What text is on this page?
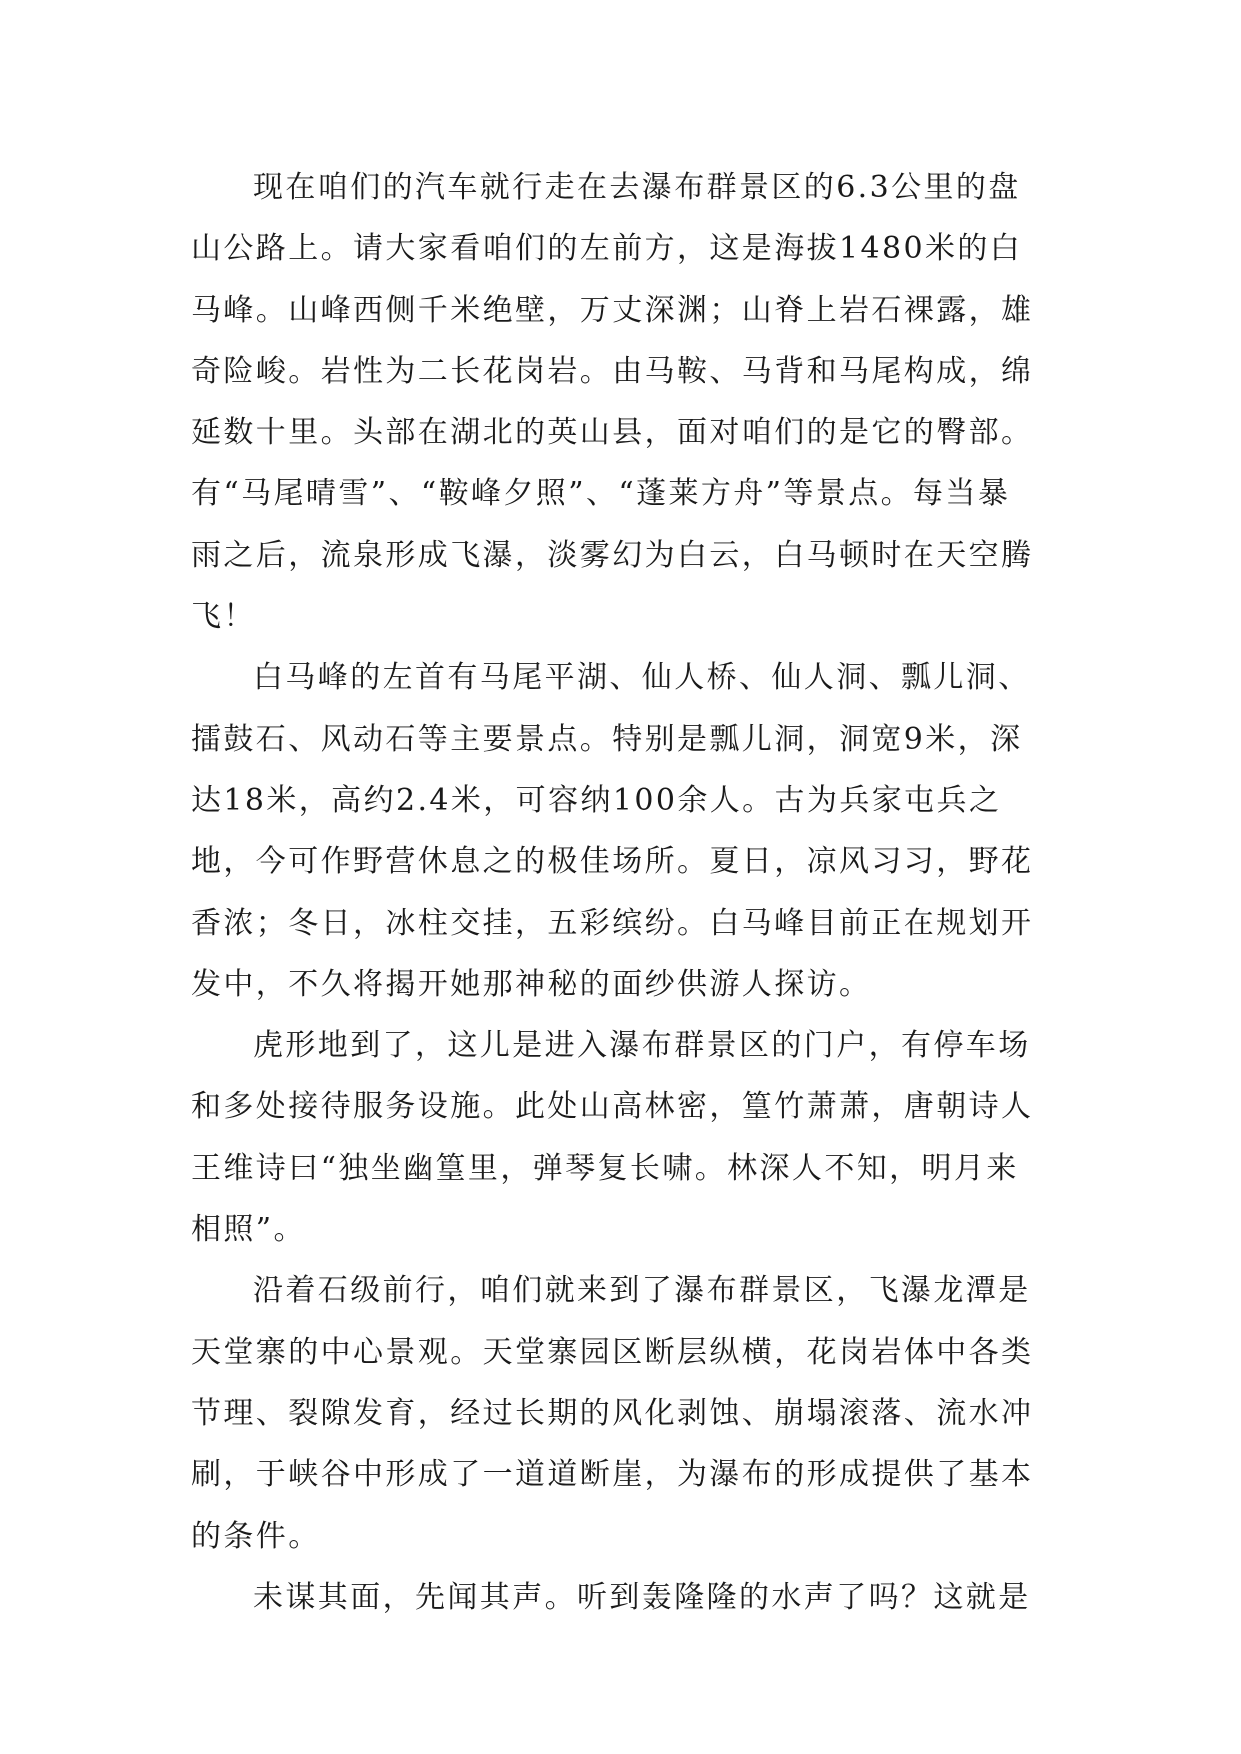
现在咱们的汽车就行走在去瀑布群景区的6.3公里的盘
山公路上。请大家看咱们的左前方，这是海拔1480米的白
马峰。山峰西侧千米绝壁，万丈深渊；山脊上岩石裸露，雄
奇险峻。岩性为二长花岗岩。由马鞍、马背和马尾构成，绵
延数十里。头部在湖北的英山县，面对咱们的是它的臀部。
有“马尾晴雪”、“鞍峰夕照”、“蓬莱方舟”等景点。每当暴
雨之后，流泉形成飞瀑，淡雾幻为白云，白马顿时在天空腾
飞！
白马峰的左首有马尾平湖、仙人桥、仙人洞、瓢儿洞、
擂鼓石、风动石等主要景点。特别是瓢儿洞，洞宽9米，深
达18米，高约2.4米，可容纳100余人。古为兵家屯兵之
地，今可作野营休息之的极佳场所。夏日，凉风习习，野花
香浓；冬日，冰柱交挂，五彩缤纷。白马峰目前正在规划开
发中，不久将揭开她那神秘的面纱供游人探访。
虎形地到了，这儿是进入瀑布群景区的门户，有停车场
和多处接待服务设施。此处山高林密，篁竹萧萧，唐朝诗人
王维诗曰“独坐幽篁里，弹琴复长啸。林深人不知，明月来
相照”。
沿着石级前行，咱们就来到了瀑布群景区，飞瀑龙潭是
天堂寨的中心景观。天堂寨园区断层纵横，花岗岩体中各类
节理、裂隙发育，经过长期的风化剥蚀、崩塌滚落、流水冲
刷，于峡谷中形成了一道道断崖，为瀑布的形成提供了基本
的条件。
未谋其面，先闻其声。听到轰隆隆的水声了吗？这就是
